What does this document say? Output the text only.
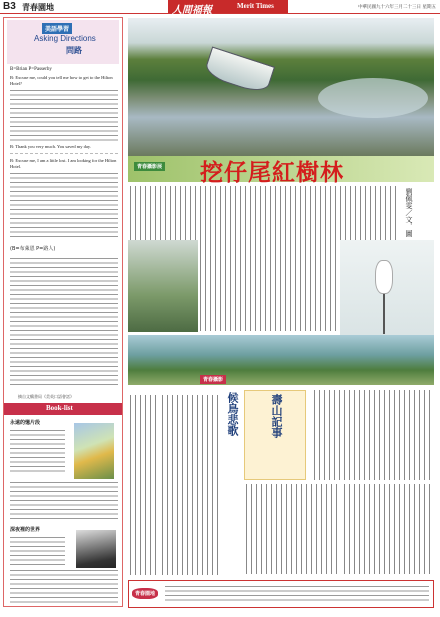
B3 青春園地	人間福報	Merit Times	中華民國九十六年三月二十三日 星期五
美語學習
Asking Directions
問路
B=Brian P=Passerby
B: Excuse me, could you tell me how to get to the Hilton Hotel?
B: Thank you very much. You saved my day.
B: Excuse me, I am a little lost. I am looking for the Hilton Hotel.
(B=布萊恩 P=路人)
摘自文鶴書局《美英口語會話》
Book-list
永遠的憶片段
深夜裡的世界
青春攝影展 挖仔尾紅樹林
劉佩雯／文．圖
青春攝影
候鳥悲歌	壽山記事
青春園地
